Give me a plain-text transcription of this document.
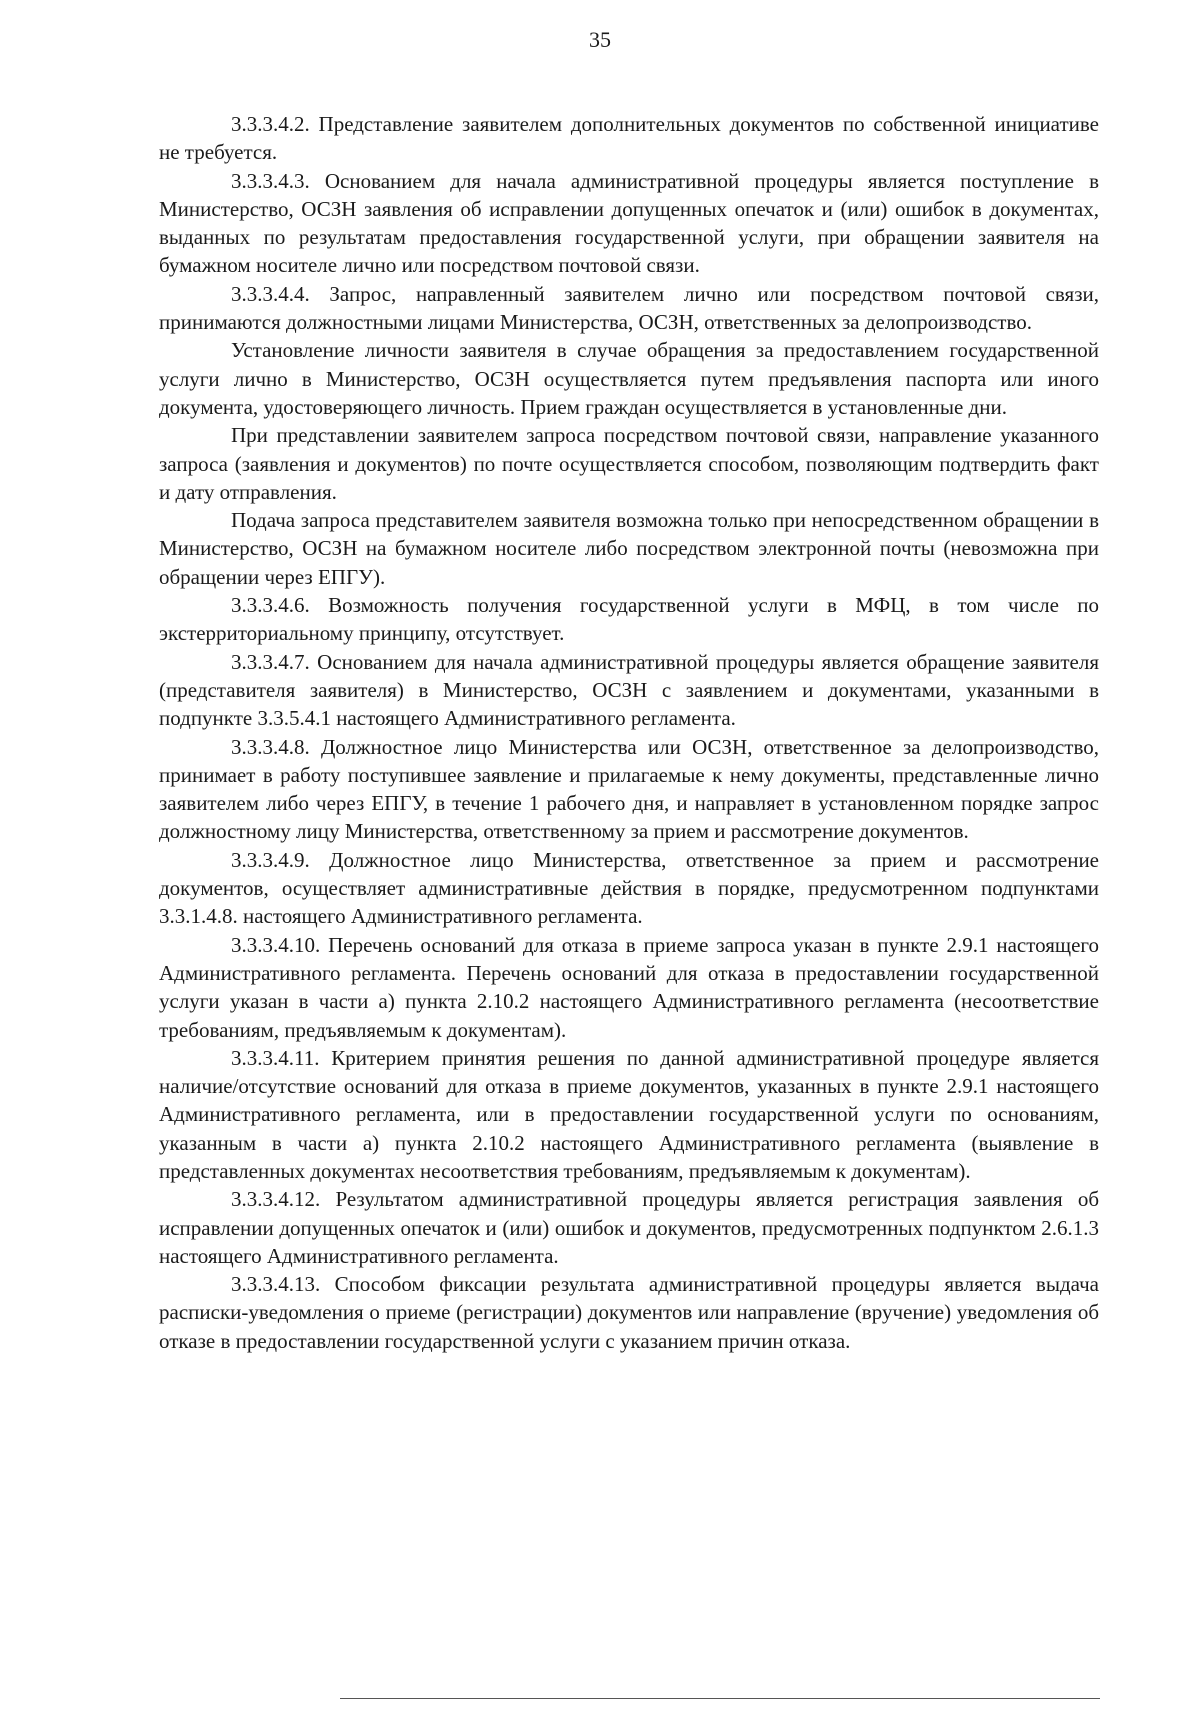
35

3.3.3.4.2. Представление заявителем дополнительных документов по собственной инициативе не требуется.

3.3.3.4.3. Основанием для начала административной процедуры является поступление в Министерство, ОСЗН заявления об исправлении допущенных опечаток и (или) ошибок в документах, выданных по результатам предоставления государственной услуги, при обращении заявителя на бумажном носителе лично или посредством почтовой связи.

3.3.3.4.4. Запрос, направленный заявителем лично или посредством почтовой связи, принимаются должностными лицами Министерства, ОСЗН, ответственных за делопроизводство.

Установление личности заявителя в случае обращения за предоставлением государственной услуги лично в Министерство, ОСЗН осуществляется путем предъявления паспорта или иного документа, удостоверяющего личность. Прием граждан осуществляется в установленные дни.

При представлении заявителем запроса посредством почтовой связи, направление указанного запроса (заявления и документов) по почте осуществляется способом, позволяющим подтвердить факт и дату отправления.

Подача запроса представителем заявителя возможна только при непосредственном обращении в Министерство, ОСЗН на бумажном носителе либо посредством электронной почты (невозможна при обращении через ЕПГУ).

3.3.3.4.6. Возможность получения государственной услуги в МФЦ, в том числе по экстерриториальному принципу, отсутствует.

3.3.3.4.7. Основанием для начала административной процедуры является обращение заявителя (представителя заявителя) в Министерство, ОСЗН с заявлением и документами, указанными в подпункте 3.3.5.4.1 настоящего Административного регламента.

3.3.3.4.8. Должностное лицо Министерства или ОСЗН, ответственное за делопроизводство, принимает в работу поступившее заявление и прилагаемые к нему документы, представленные лично заявителем либо через ЕПГУ, в течение 1 рабочего дня, и направляет в установленном порядке запрос должностному лицу Министерства, ответственному за прием и рассмотрение документов.

3.3.3.4.9. Должностное лицо Министерства, ответственное за прием и рассмотрение документов, осуществляет административные действия в порядке, предусмотренном подпунктами 3.3.1.4.8. настоящего Административного регламента.

3.3.3.4.10. Перечень оснований для отказа в приеме запроса указан в пункте 2.9.1 настоящего Административного регламента. Перечень оснований для отказа в предоставлении государственной услуги указан в части а) пункта 2.10.2 настоящего Административного регламента (несоответствие требованиям, предъявляемым к документам).

3.3.3.4.11. Критерием принятия решения по данной административной процедуре является наличие/отсутствие оснований для отказа в приеме документов, указанных в пункте 2.9.1 настоящего Административного регламента, или в предоставлении государственной услуги по основаниям, указанным в части а) пункта 2.10.2 настоящего Административного регламента (выявление в представленных документах несоответствия требованиям, предъявляемым к документам).

3.3.3.4.12. Результатом административной процедуры является регистрация заявления об исправлении допущенных опечаток и (или) ошибок и документов, предусмотренных подпунктом 2.6.1.3 настоящего Административного регламента.

3.3.3.4.13. Способом фиксации результата административной процедуры является выдача расписки-уведомления о приеме (регистрации) документов или направление (вручение) уведомления об отказе в предоставлении государственной услуги с указанием причин отказа.
